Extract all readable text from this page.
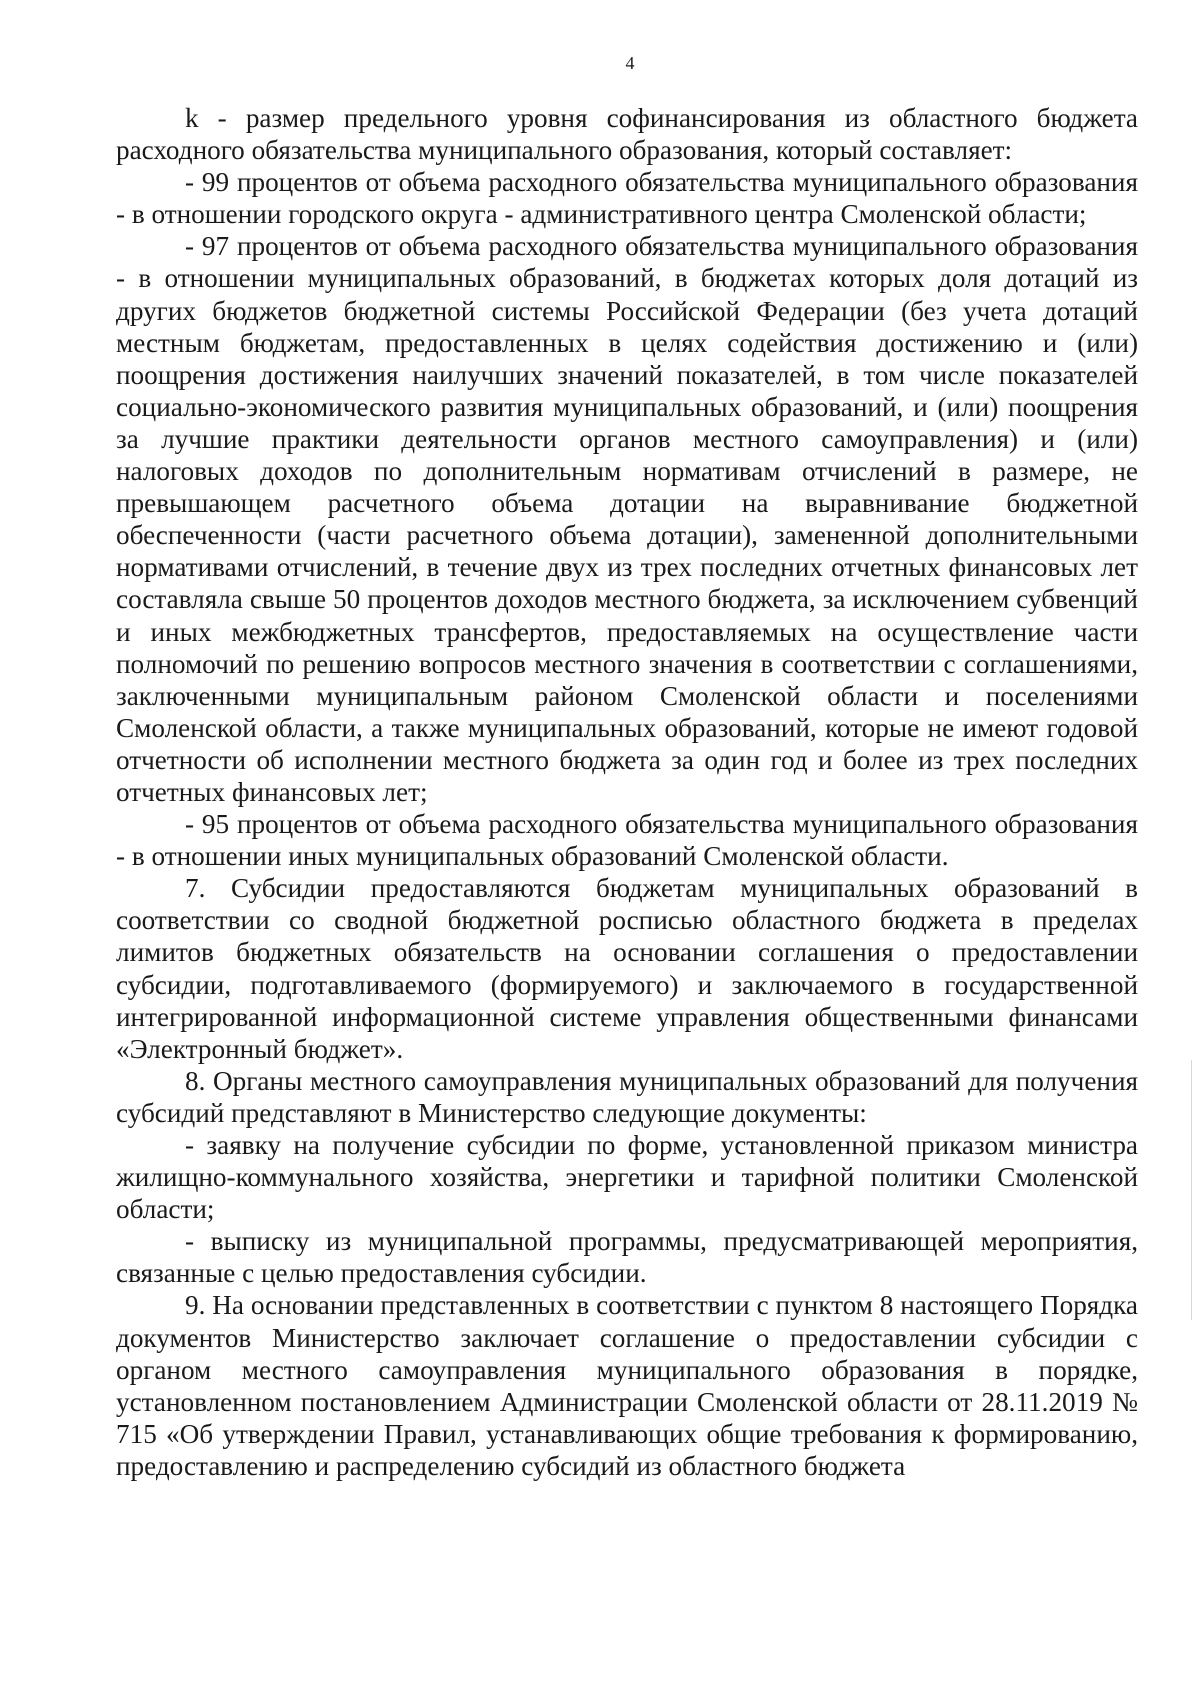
4

k - размер предельного уровня софинансирования из областного бюджета расходного обязательства муниципального образования, который составляет:

- 99 процентов от объема расходного обязательства муниципального образования - в отношении городского округа - административного центра Смоленской области;

- 97 процентов от объема расходного обязательства муниципального образования - в отношении муниципальных образований, в бюджетах которых доля дотаций из других бюджетов бюджетной системы Российской Федерации (без учета дотаций местным бюджетам, предоставленных в целях содействия достижению и (или) поощрения достижения наилучших значений показателей, в том числе показателей социально-экономического развития муниципальных образований, и (или) поощрения за лучшие практики деятельности органов местного самоуправления) и (или) налоговых доходов по дополнительным нормативам отчислений в размере, не превышающем расчетного объема дотации на выравнивание бюджетной обеспеченности (части расчетного объема дотации), замененной дополнительными нормативами отчислений, в течение двух из трех последних отчетных финансовых лет составляла свыше 50 процентов доходов местного бюджета, за исключением субвенций и иных межбюджетных трансфертов, предоставляемых на осуществление части полномочий по решению вопросов местного значения в соответствии с соглашениями, заключенными муниципальным районом Смоленской области и поселениями Смоленской области, а также муниципальных образований, которые не имеют годовой отчетности об исполнении местного бюджета за один год и более из трех последних отчетных финансовых лет;

- 95 процентов от объема расходного обязательства муниципального образования - в отношении иных муниципальных образований Смоленской области.

7. Субсидии предоставляются бюджетам муниципальных образований в соответствии со сводной бюджетной росписью областного бюджета в пределах лимитов бюджетных обязательств на основании соглашения о предоставлении субсидии, подготавливаемого (формируемого) и заключаемого в государственной интегрированной информационной системе управления общественными финансами «Электронный бюджет».

8. Органы местного самоуправления муниципальных образований для получения субсидий представляют в Министерство следующие документы:

- заявку на получение субсидии по форме, установленной приказом министра жилищно-коммунального хозяйства, энергетики и тарифной политики Смоленской области;

- выписку из муниципальной программы, предусматривающей мероприятия, связанные с целью предоставления субсидии.

9. На основании представленных в соответствии с пунктом 8 настоящего Порядка документов Министерство заключает соглашение о предоставлении субсидии с органом местного самоуправления муниципального образования в порядке, установленном постановлением Администрации Смоленской области от 28.11.2019 № 715 «Об утверждении Правил, устанавливающих общие требования к формированию, предоставлению и распределению субсидий из областного бюджета
